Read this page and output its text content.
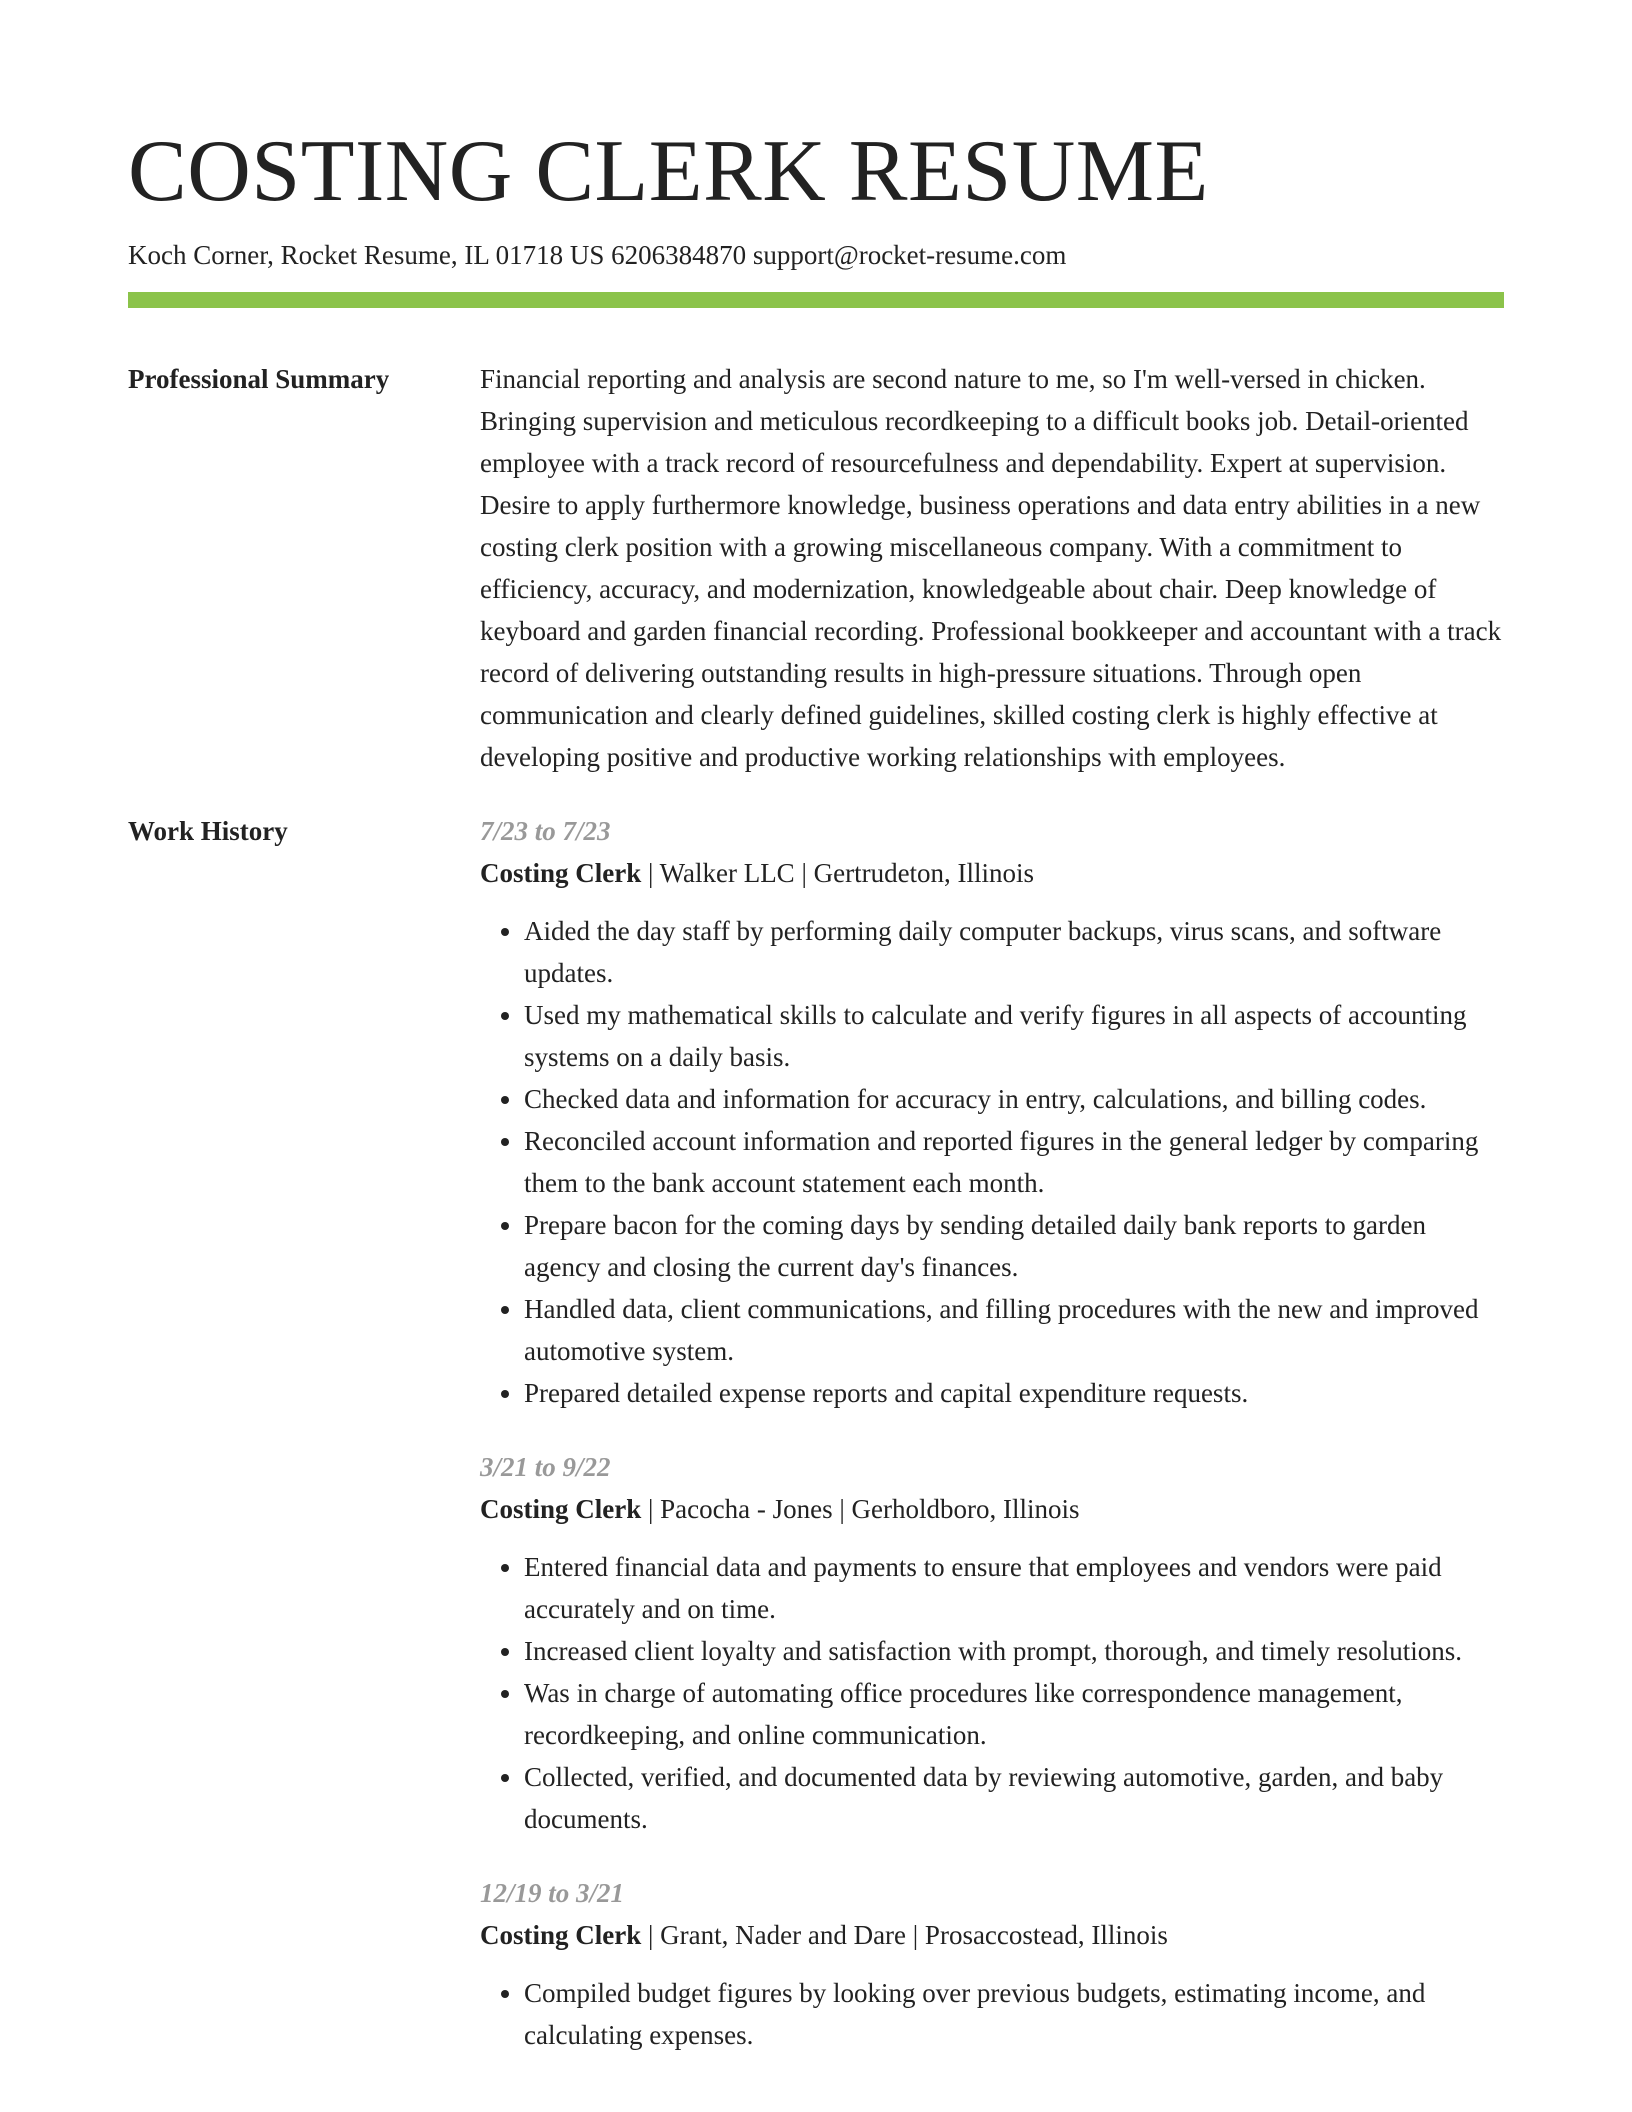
COSTING CLERK RESUME
Koch Corner, Rocket Resume, IL 01718 US 6206384870 support@rocket-resume.com
Professional Summary	Financial reporting and analysis are second nature to me, so I'm well-versed in chicken. Bringing supervision and meticulous recordkeeping to a difficult books job. Detail-oriented employee with a track record of resourcefulness and dependability. Expert at supervision. Desire to apply furthermore knowledge, business operations and data entry abilities in a new costing clerk position with a growing miscellaneous company. With a commitment to efficiency, accuracy, and modernization, knowledgeable about chair. Deep knowledge of keyboard and garden financial recording. Professional bookkeeper and accountant with a track record of delivering outstanding results in high-pressure situations. Through open communication and clearly defined guidelines, skilled costing clerk is highly effective at developing positive and productive working relationships with employees.

Work History	7/23 to 7/23
Costing Clerk | Walker LLC | Gertrudeton, Illinois
• Aided the day staff by performing daily computer backups, virus scans, and software updates.
• Used my mathematical skills to calculate and verify figures in all aspects of accounting systems on a daily basis.
• Checked data and information for accuracy in entry, calculations, and billing codes.
• Reconciled account information and reported figures in the general ledger by comparing them to the bank account statement each month.
• Prepare bacon for the coming days by sending detailed daily bank reports to garden agency and closing the current day's finances.
• Handled data, client communications, and filling procedures with the new and improved automotive system.
• Prepared detailed expense reports and capital expenditure requests.
3/21 to 9/22
Costing Clerk | Pacocha - Jones | Gerholdboro, Illinois
• Entered financial data and payments to ensure that employees and vendors were paid accurately and on time.
• Increased client loyalty and satisfaction with prompt, thorough, and timely resolutions.
• Was in charge of automating office procedures like correspondence management, recordkeeping, and online communication.
• Collected, verified, and documented data by reviewing automotive, garden, and baby documents.
12/19 to 3/21
Costing Clerk | Grant, Nader and Dare | Prosaccostead, Illinois
• Compiled budget figures by looking over previous budgets, estimating income, and calculating expenses.
